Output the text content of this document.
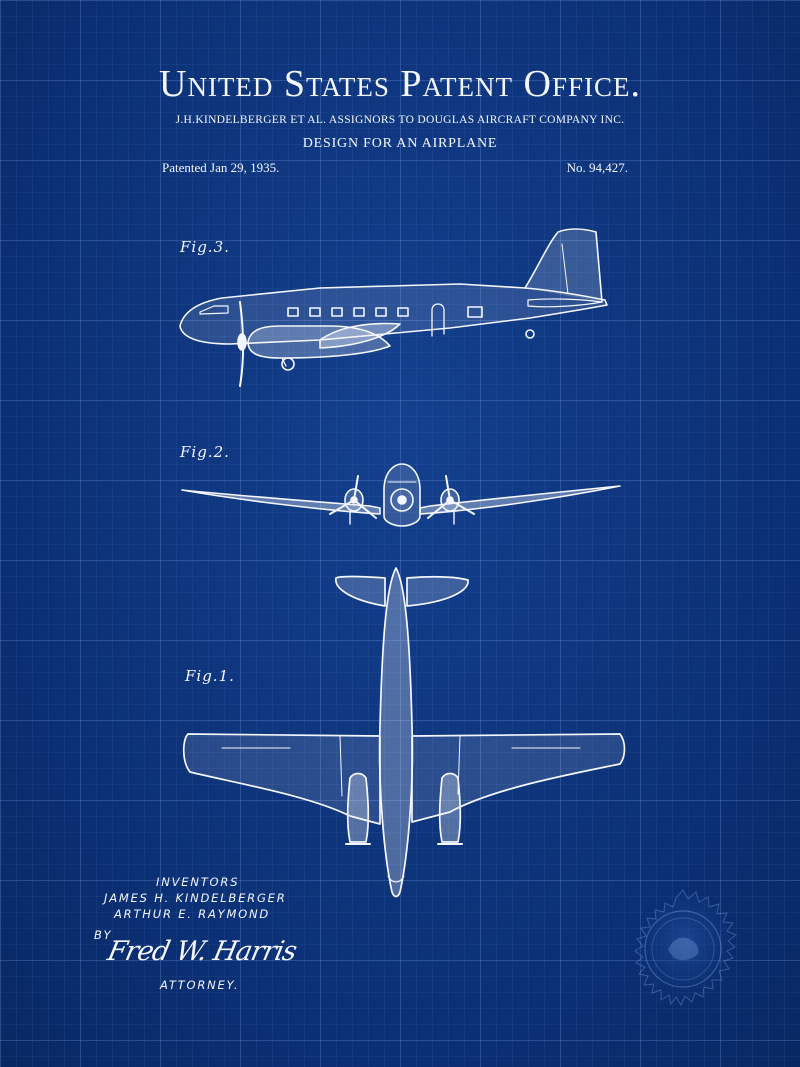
United States Patent Office.
J.H.KINDELBERGER ET AL. ASSIGNORS TO DOUGLAS AIRCRAFT COMPANY INC.
DESIGN FOR AN AIRPLANE
Patented Jan 29, 1935.	No. 94,427.
Fig.3.
Fig.2.
Fig.1.
INVENTORS
JAMES H. KINDELBERGER
ARTHUR E. RAYMOND
BY
Fred W. Harris
ATTORNEY.
